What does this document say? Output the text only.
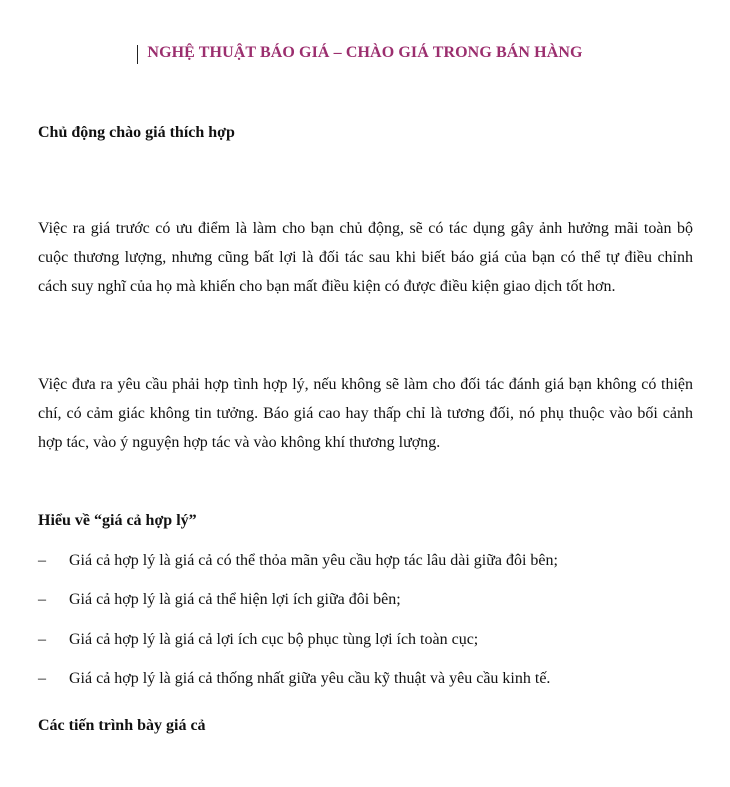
NGHỆ THUẬT BÁO GIÁ – CHÀO GIÁ TRONG BÁN HÀNG
Chủ động chào giá thích hợp

Việc ra giá trước có ưu điểm là làm cho bạn chủ động, sẽ có tác dụng gây ảnh hưởng mãi toàn bộ cuộc thương lượng, nhưng cũng bất lợi là đối tác sau khi biết báo giá của bạn có thể tự điều chỉnh cách suy nghĩ của họ mà khiến cho bạn mất điều kiện có được điều kiện giao dịch tốt hơn.

Việc đưa ra yêu cầu phải hợp tình hợp lý, nếu không sẽ làm cho đối tác đánh giá bạn không có thiện chí, có cảm giác không tin tưởng. Báo giá cao hay thấp chỉ là tương đối, nó phụ thuộc vào bối cảnh hợp tác, vào ý nguyện hợp tác và vào không khí thương lượng.

Hiểu về “giá cả hợp lý”
– Giá cả hợp lý là giá cả có thể thỏa mãn yêu cầu hợp tác lâu dài giữa đôi bên;
– Giá cả hợp lý là giá cả thể hiện lợi ích giữa đôi bên;
– Giá cả hợp lý là giá cả lợi ích cục bộ phục tùng lợi ích toàn cục;
– Giá cả hợp lý là giá cả thống nhất giữa yêu cầu kỹ thuật và yêu cầu kinh tế.
Các tiến trình bày giá cả
